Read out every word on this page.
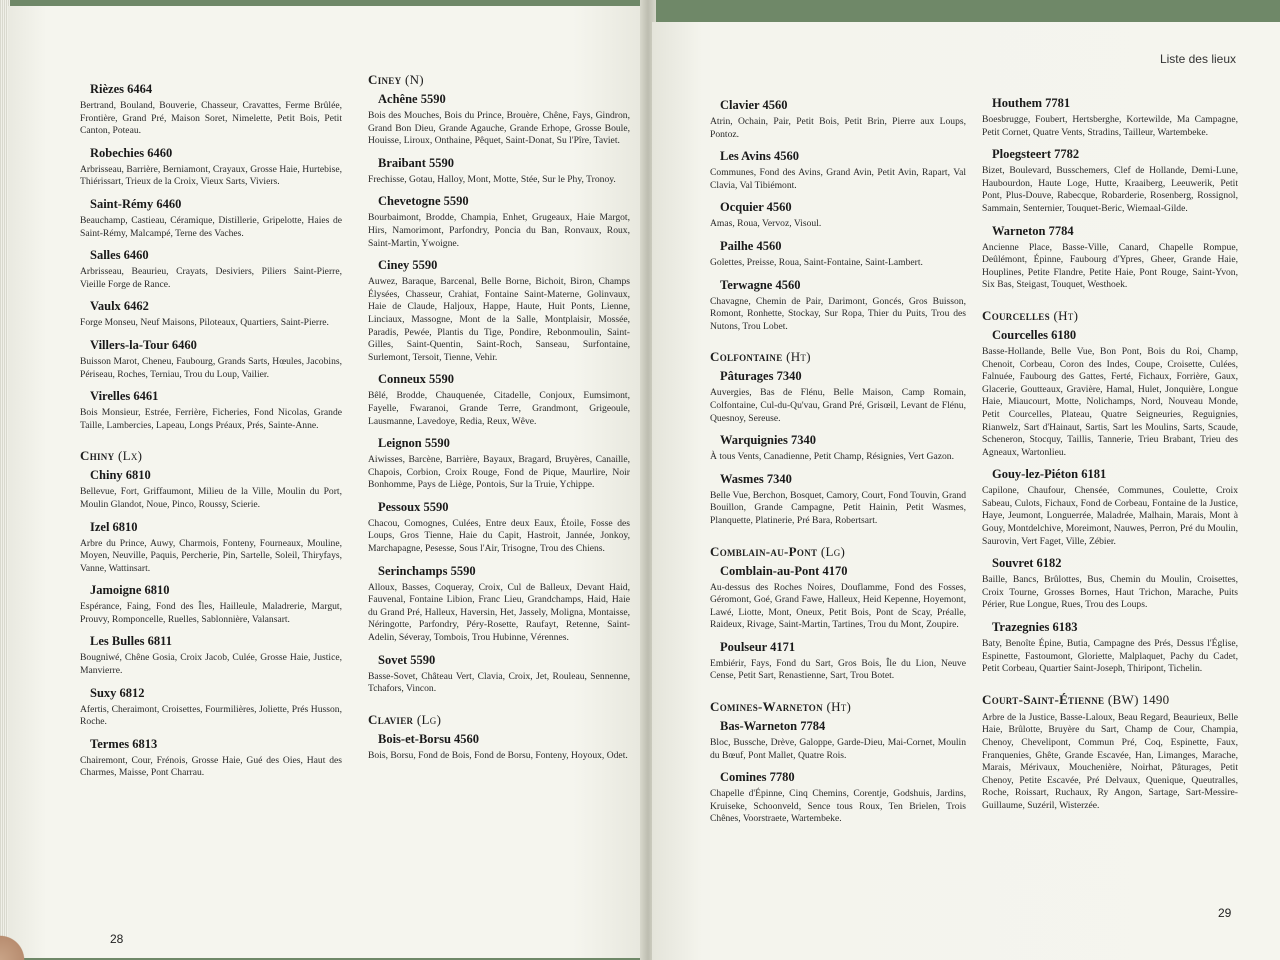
Rièzes 6464
Bertrand, Bouland, Bouverie, Chasseur, Cravattes, Ferme Brûlée, Frontière, Grand Pré, Maison Soret, Nimelette, Petit Bois, Petit Canton, Poteau.
Robechies 6460
Arbrisseau, Barrière, Berniamont, Crayaux, Grosse Haie, Hurtebise, Thiérissart, Trieux de la Croix, Vieux Sarts, Viviers.
Saint-Rémy 6460
Beauchamp, Castieau, Céramique, Distillerie, Gripelotte, Haies de Saint-Rémy, Malcampé, Terne des Vaches.
Salles 6460
Arbrisseau, Beaurieu, Crayats, Desiviers, Piliers Saint-Pierre, Vieille Forge de Rance.
Vaulx 6462
Forge Monseu, Neuf Maisons, Piloteaux, Quartiers, Saint-Pierre.
Villers-la-Tour 6460
Buisson Marot, Cheneu, Faubourg, Grands Sarts, Hœules, Jacobins, Périseau, Roches, Terniau, Trou du Loup, Vailier.
Virelles 6461
Bois Monsieur, Estrée, Ferrière, Ficheries, Fond Nicolas, Grande Taille, Lambercies, Lapeau, Longs Préaux, Prés, Sainte-Anne.
Chiny (Lx)
Chiny 6810
Bellevue, Fort, Griffaumont, Milieu de la Ville, Moulin du Port, Moulin Glandot, Noue, Pinco, Roussy, Scierie.
Izel 6810
Arbre du Prince, Auwy, Charmois, Fonteny, Fourneaux, Mouline, Moyen, Neuville, Paquis, Percherie, Pin, Sartelle, Soleil, Thiryfays, Vanne, Wattinsart.
Jamoigne 6810
Espérance, Faing, Fond des Îles, Hailleule, Maladrerie, Margut, Prouvy, Romponcelle, Ruelles, Sablonnière, Valansart.
Les Bulles 6811
Bougniwé, Chêne Gosia, Croix Jacob, Culée, Grosse Haie, Justice, Manvierre.
Suxy 6812
Afertis, Cheraimont, Croisettes, Fourmilières, Joliette, Prés Husson, Roche.
Termes 6813
Chairemont, Cour, Frénois, Grosse Haie, Gué des Oies, Haut des Charmes, Maisse, Pont Charrau.
Ciney (N)
Achêne 5590
Bois des Mouches, Bois du Prince, Brouère, Chêne, Fays, Gindron, Grand Bon Dieu, Grande Agauche, Grande Erhope, Grosse Boule, Houisse, Liroux, Onthaine, Pêquet, Saint-Donat, Su l'Pîre, Taviet.
Braibant 5590
Frechisse, Gotau, Halloy, Mont, Motte, Stée, Sur le Phy, Tronoy.
Chevetogne 5590
Bourbaimont, Brodde, Champia, Enhet, Grugeaux, Haie Margot, Hirs, Namorimont, Parfondry, Poncia du Ban, Ronvaux, Roux, Saint-Martin, Ywoigne.
Ciney 5590
Auwez, Baraque, Barcenal, Belle Borne, Bichoit, Biron, Champs Élysées, Chasseur, Crahiat, Fontaine Saint-Materne, Golinvaux, Haie de Claude, Haljoux, Happe, Haute, Huit Ponts, Lienne, Linciaux, Massogne, Mont de la Salle, Montplaisir, Mossée, Paradis, Pewée, Plantis du Tige, Pondire, Rebonmoulin, Saint-Gilles, Saint-Quentin, Saint-Roch, Sanseau, Surfontaine, Surlemont, Tersoit, Tienne, Vehir.
Conneux 5590
Bêlé, Brodde, Chauquenée, Citadelle, Conjoux, Eumsimont, Fayelle, Fwaranoi, Grande Terre, Grandmont, Grigeoule, Lausmanne, Lavedoye, Redia, Reux, Wêve.
Leignon 5590
Aiwisses, Barcène, Barrière, Bayaux, Bragard, Bruyères, Canaille, Chapois, Corbion, Croix Rouge, Fond de Pique, Maurlire, Noir Bonhomme, Pays de Liège, Pontois, Sur la Truie, Ychippe.
Pessoux 5590
Chacou, Comognes, Culées, Entre deux Eaux, Étoile, Fosse des Loups, Gros Tienne, Haie du Capit, Hastroit, Jannée, Jonkoy, Marchapagne, Pesesse, Sous l'Air, Trisogne, Trou des Chiens.
Serinchamps 5590
Alloux, Basses, Coqueray, Croix, Cul de Balleux, Devant Haid, Fauvenal, Fontaine Libion, Franc Lieu, Grandchamps, Haid, Haie du Grand Pré, Halleux, Haversin, Het, Jassely, Moligna, Montaisse, Néringotte, Parfondry, Péry-Rosette, Raufayt, Retenne, Saint-Adelin, Séveray, Tombois, Trou Hubinne, Vérennes.
Sovet 5590
Basse-Sovet, Château Vert, Clavia, Croix, Jet, Rouleau, Sennenne, Tchafors, Vincon.
Clavier (Lg)
Bois-et-Borsu 4560
Bois, Borsu, Fond de Bois, Fond de Borsu, Fonteny, Hoyoux, Odet.
28
Liste des lieux
Clavier 4560
Atrin, Ochain, Pair, Petit Bois, Petit Brin, Pierre aux Loups, Pontoz.
Les Avins 4560
Communes, Fond des Avins, Grand Avin, Petit Avin, Rapart, Val Clavia, Val Tibiémont.
Ocquier 4560
Amas, Roua, Vervoz, Visoul.
Pailhe 4560
Golettes, Preisse, Roua, Saint-Fontaine, Saint-Lambert.
Terwagne 4560
Chavagne, Chemin de Pair, Darimont, Goncés, Gros Buisson, Romont, Ronhette, Stockay, Sur Ropa, Thier du Puits, Trou des Nutons, Trou Lobet.
Colfontaine (Ht)
Pâturages 7340
Auvergies, Bas de Flénu, Belle Maison, Camp Romain, Colfontaine, Cul-du-Qu'vau, Grand Pré, Grisœil, Levant de Flénu, Quesnoy, Sereuse.
Warquignies 7340
À tous Vents, Canadienne, Petit Champ, Résignies, Vert Gazon.
Wasmes 7340
Belle Vue, Berchon, Bosquet, Camory, Court, Fond Touvin, Grand Bouillon, Grande Campagne, Petit Hainin, Petit Wasmes, Planquette, Platinerie, Pré Bara, Robertsart.
Comblain-au-Pont (Lg)
Comblain-au-Pont 4170
Au-dessus des Roches Noires, Douflamme, Fond des Fosses, Géromont, Goé, Grand Fawe, Halleux, Heid Kepenne, Hoyemont, Lawé, Liotte, Mont, Oneux, Petit Bois, Pont de Scay, Préalle, Raideux, Rivage, Saint-Martin, Tartines, Trou du Mont, Zoupire.
Poulseur 4171
Embiérir, Fays, Fond du Sart, Gros Bois, Île du Lion, Neuve Cense, Petit Sart, Renastienne, Sart, Trou Botet.
Comines-Warneton (Ht)
Bas-Warneton 7784
Bloc, Bussche, Drève, Galoppe, Garde-Dieu, Mai-Cornet, Moulin du Bœuf, Pont Mallet, Quatre Rois.
Comines 7780
Chapelle d'Épinne, Cinq Chemins, Corentje, Godshuis, Jardins, Kruiseke, Schoonveld, Sence tous Roux, Ten Brielen, Trois Chênes, Voorstraete, Wartembeke.
Houthem 7781
Boesbrugge, Foubert, Hertsberghe, Kortewilde, Ma Campagne, Petit Cornet, Quatre Vents, Stradins, Tailleur, Wartembeke.
Ploegsteert 7782
Bizet, Boulevard, Busschemers, Clef de Hollande, Demi-Lune, Haubourdon, Haute Loge, Hutte, Kraaiberg, Leeuwerik, Petit Pont, Plus-Douve, Rabecque, Robarderie, Rosenberg, Rossignol, Sammain, Senternier, Touquet-Beric, Wiemaal-Gilde.
Warneton 7784
Ancienne Place, Basse-Ville, Canard, Chapelle Rompue, Deûlémont, Épinne, Faubourg d'Ypres, Gheer, Grande Haie, Houplines, Petite Flandre, Petite Haie, Pont Rouge, Saint-Yvon, Six Bas, Steigast, Touquet, Westhoek.
Courcelles (Ht)
Courcelles 6180
Basse-Hollande, Belle Vue, Bon Pont, Bois du Roi, Champ, Chenoit, Corbeau, Coron des Indes, Coupe, Croisette, Culées, Falnuée, Faubourg des Gattes, Ferté, Fichaux, Forrière, Gaux, Glacerie, Goutteaux, Gravière, Hamal, Hulet, Jonquière, Longue Haie, Miaucourt, Motte, Nolichamps, Nord, Nouveau Monde, Petit Courcelles, Plateau, Quatre Seigneuries, Reguignies, Rianwelz, Sart d'Hainaut, Sartis, Sart les Moulins, Sarts, Scaude, Scheneron, Stocquy, Taillis, Tannerie, Trieu Brabant, Trieu des Agneaux, Wartonlieu.
Gouy-lez-Piéton 6181
Capilone, Chaufour, Chensée, Communes, Coulette, Croix Sabeau, Culots, Fichaux, Fond de Corbeau, Fontaine de la Justice, Haye, Jeumont, Longuerrée, Maladrée, Malhain, Marais, Mont à Gouy, Montdelchive, Moreimont, Nauwes, Perron, Pré du Moulin, Saurovin, Vert Faget, Ville, Zébier.
Souvret 6182
Baille, Bancs, Brûlottes, Bus, Chemin du Moulin, Croisettes, Croix Tourne, Grosses Bornes, Haut Trichon, Marache, Puits Périer, Rue Longue, Rues, Trou des Loups.
Trazegnies 6183
Baty, Benoîte Épine, Butia, Campagne des Prés, Dessus l'Église, Espinette, Fastoumont, Gloriette, Malplaquet, Pachy du Cadet, Petit Corbeau, Quartier Saint-Joseph, Thiripont, Tichelin.
Court-Saint-Étienne (BW) 1490
Arbre de la Justice, Basse-Laloux, Beau Regard, Beaurieux, Belle Haie, Brûlotte, Bruyère du Sart, Champ de Cour, Champia, Chenoy, Chevelipont, Commun Pré, Coq, Espinette, Faux, Franquenies, Ghête, Grande Escavée, Han, Limanges, Marache, Marais, Mérivaux, Mouchenière, Noirhat, Pâturages, Petit Chenoy, Petite Escavée, Pré Delvaux, Quenique, Queutralles, Roche, Roissart, Ruchaux, Ry Angon, Sartage, Sart-Messire-Guillaume, Suzéril, Wisterzée.
29
